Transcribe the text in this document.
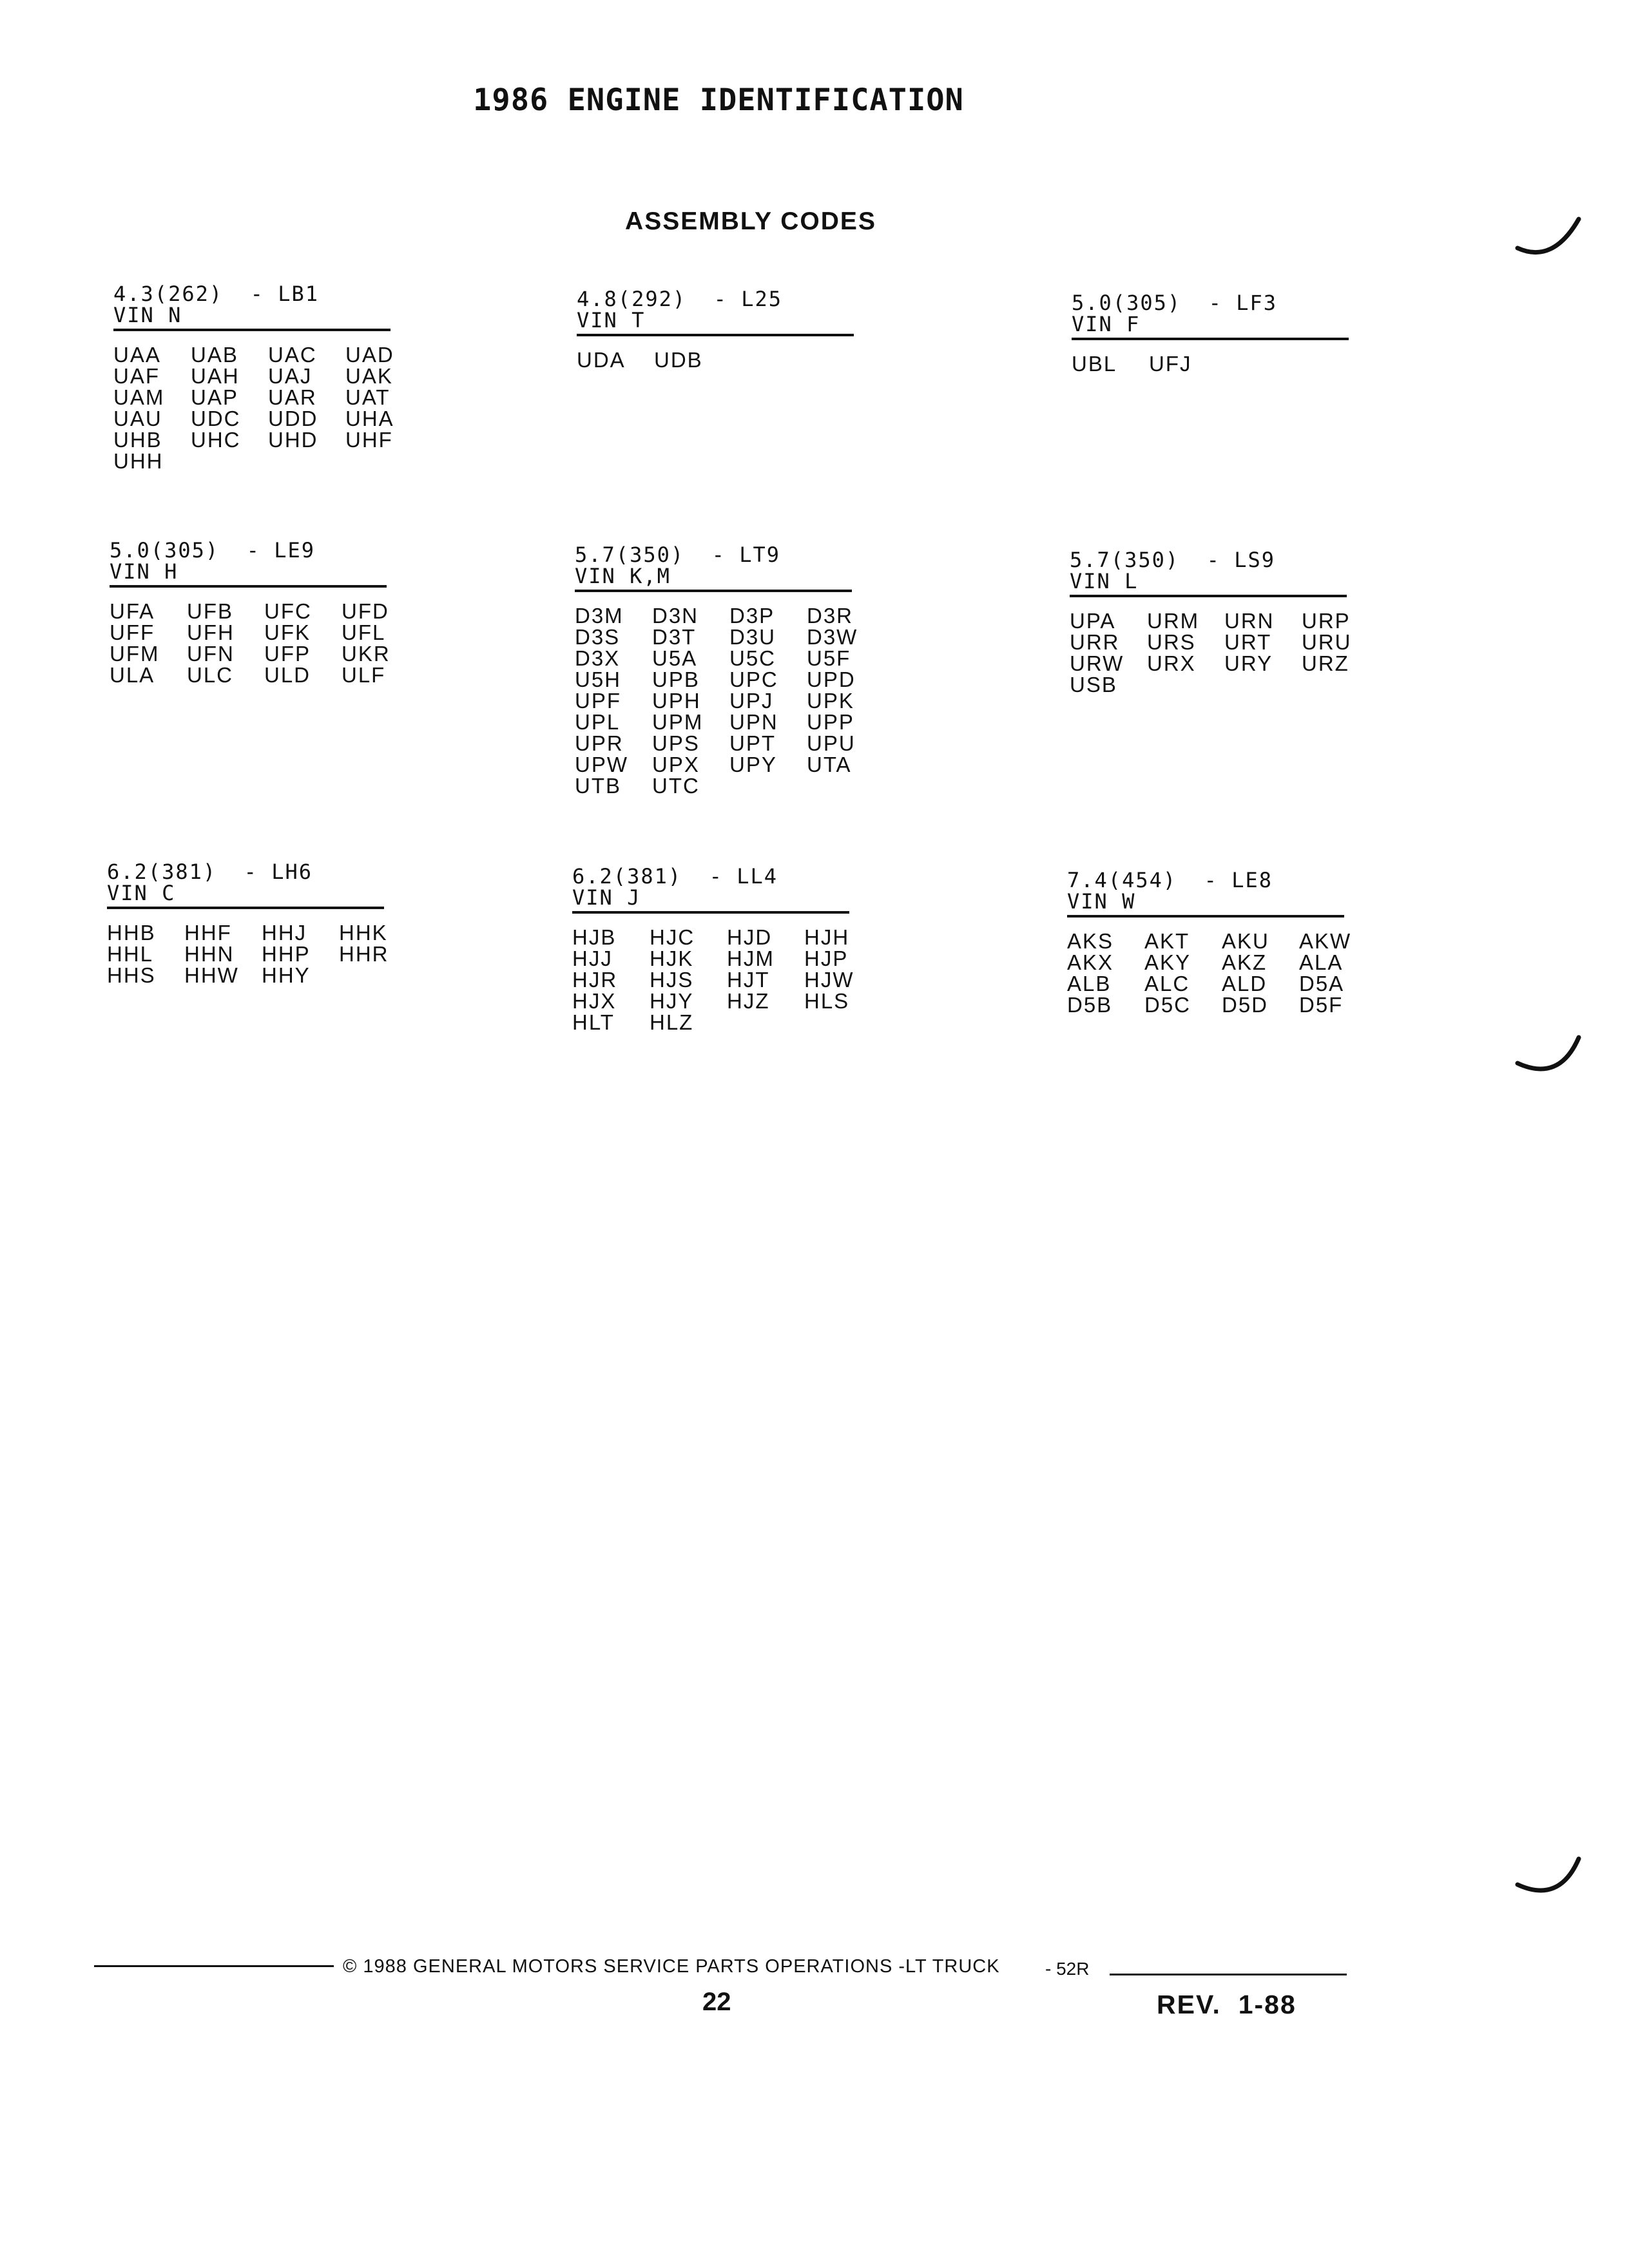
1986 ENGINE IDENTIFICATION
ASSEMBLY CODES
4.3(262)  - LB1
VIN N
UAA	UAB	UAC	UAD
UAF	UAH	UAJ	UAK
UAM	UAP	UAR	UAT
UAU	UDC	UDD	UHA
UHB	UHC	UHD	UHF
UHH
4.8(292)  - L25
VIN T
UDA	UDB
5.0(305)  - LF3
VIN F
UBL	UFJ
5.0(305)  - LE9
VIN H
UFA	UFB	UFC	UFD
UFF	UFH	UFK	UFL
UFM	UFN	UFP	UKR
ULA	ULC	ULD	ULF
5.7(350)  - LT9
VIN K,M
D3M	D3N	D3P	D3R
D3S	D3T	D3U	D3W
D3X	U5A	U5C	U5F
U5H	UPB	UPC	UPD
UPF	UPH	UPJ	UPK
UPL	UPM	UPN	UPP
UPR	UPS	UPT	UPU
UPW	UPX	UPY	UTA
UTB	UTC
5.7(350)  - LS9
VIN L
UPA	URM	URN	URP
URR	URS	URT	URU
URW	URX	URY	URZ
USB
6.2(381)  - LH6
VIN C
HHB	HHF	HHJ	HHK
HHL	HHN	HHP	HHR
HHS	HHW	HHY
6.2(381)  - LL4
VIN J
HJB	HJC	HJD	HJH
HJJ	HJK	HJM	HJP
HJR	HJS	HJT	HJW
HJX	HJY	HJZ	HLS
HLT	HLZ
7.4(454)  - LE8
VIN W
AKS	AKT	AKU	AKW
AKX	AKY	AKZ	ALA
ALB	ALC	ALD	D5A
D5B	D5C	D5D	D5F
© 1988 GENERAL MOTORS SERVICE PARTS OPERATIONS -LT TRUCK	- 52R
22	REV.  1-88
